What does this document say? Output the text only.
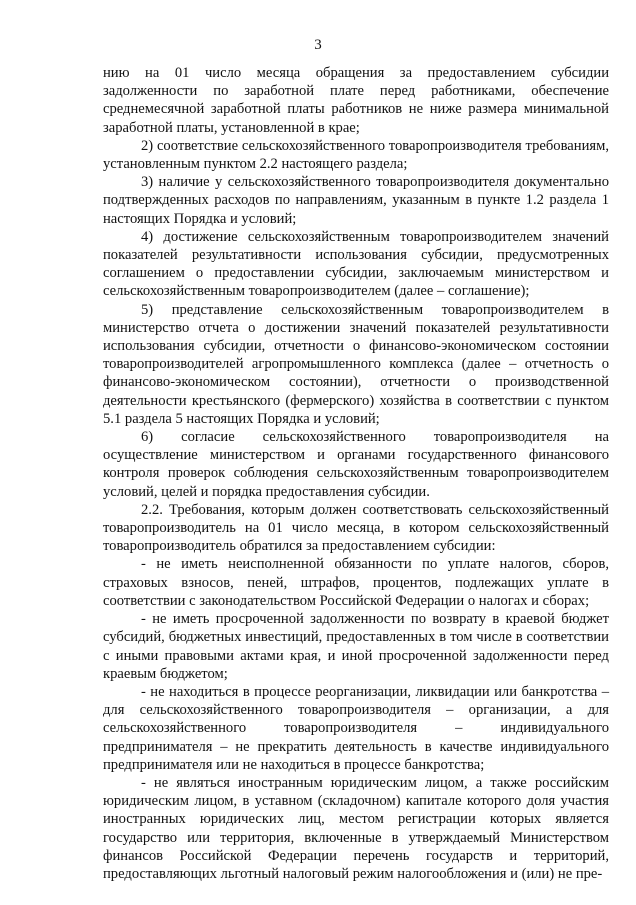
3

нию на 01 число месяца обращения за предоставлением субсидии задолженности по заработной плате перед работниками, обеспечение среднемесячной заработной платы работников не ниже размера минимальной заработной платы, установленной в крае;

2) соответствие сельскохозяйственного товаропроизводителя требованиям, установленным пунктом 2.2 настоящего раздела;

3) наличие у сельскохозяйственного товаропроизводителя документально подтвержденных расходов по направлениям, указанным в пункте 1.2 раздела 1 настоящих Порядка и условий;

4) достижение сельскохозяйственным товаропроизводителем значений показателей результативности использования субсидии, предусмотренных соглашением о предоставлении субсидии, заключаемым министерством и сельскохозяйственным товаропроизводителем (далее – соглашение);

5) представление сельскохозяйственным товаропроизводителем в министерство отчета о достижении значений показателей результативности использования субсидии, отчетности о финансово-экономическом состоянии товаропроизводителей агропромышленного комплекса (далее – отчетность о финансово-экономическом состоянии), отчетности о производственной деятельности крестьянского (фермерского) хозяйства в соответствии с пунктом 5.1 раздела 5 настоящих Порядка и условий;

6) согласие сельскохозяйственного товаропроизводителя на осуществление министерством и органами государственного финансового контроля проверок соблюдения сельскохозяйственным товаропроизводителем условий, целей и порядка предоставления субсидии.

2.2. Требования, которым должен соответствовать сельскохозяйственный товаропроизводитель на 01 число месяца, в котором сельскохозяйственный товаропроизводитель обратился за предоставлением субсидии:

- не иметь неисполненной обязанности по уплате налогов, сборов, страховых взносов, пеней, штрафов, процентов, подлежащих уплате в соответствии с законодательством Российской Федерации о налогах и сборах;

- не иметь просроченной задолженности по возврату в краевой бюджет субсидий, бюджетных инвестиций, предоставленных в том числе в соответствии с иными правовыми актами края, и иной просроченной задолженности перед краевым бюджетом;

- не находиться в процессе реорганизации, ликвидации или банкротства – для сельскохозяйственного товаропроизводителя – организации, а для сельскохозяйственного товаропроизводителя – индивидуального предпринимателя – не прекратить деятельность в качестве индивидуального предпринимателя или не находиться в процессе банкротства;

- не являться иностранным юридическим лицом, а также российским юридическим лицом, в уставном (складочном) капитале которого доля участия иностранных юридических лиц, местом регистрации которых является государство или территория, включенные в утверждаемый Министерством финансов Российской Федерации перечень государств и территорий, предоставляющих льготный налоговый режим налогообложения и (или) не пре-
